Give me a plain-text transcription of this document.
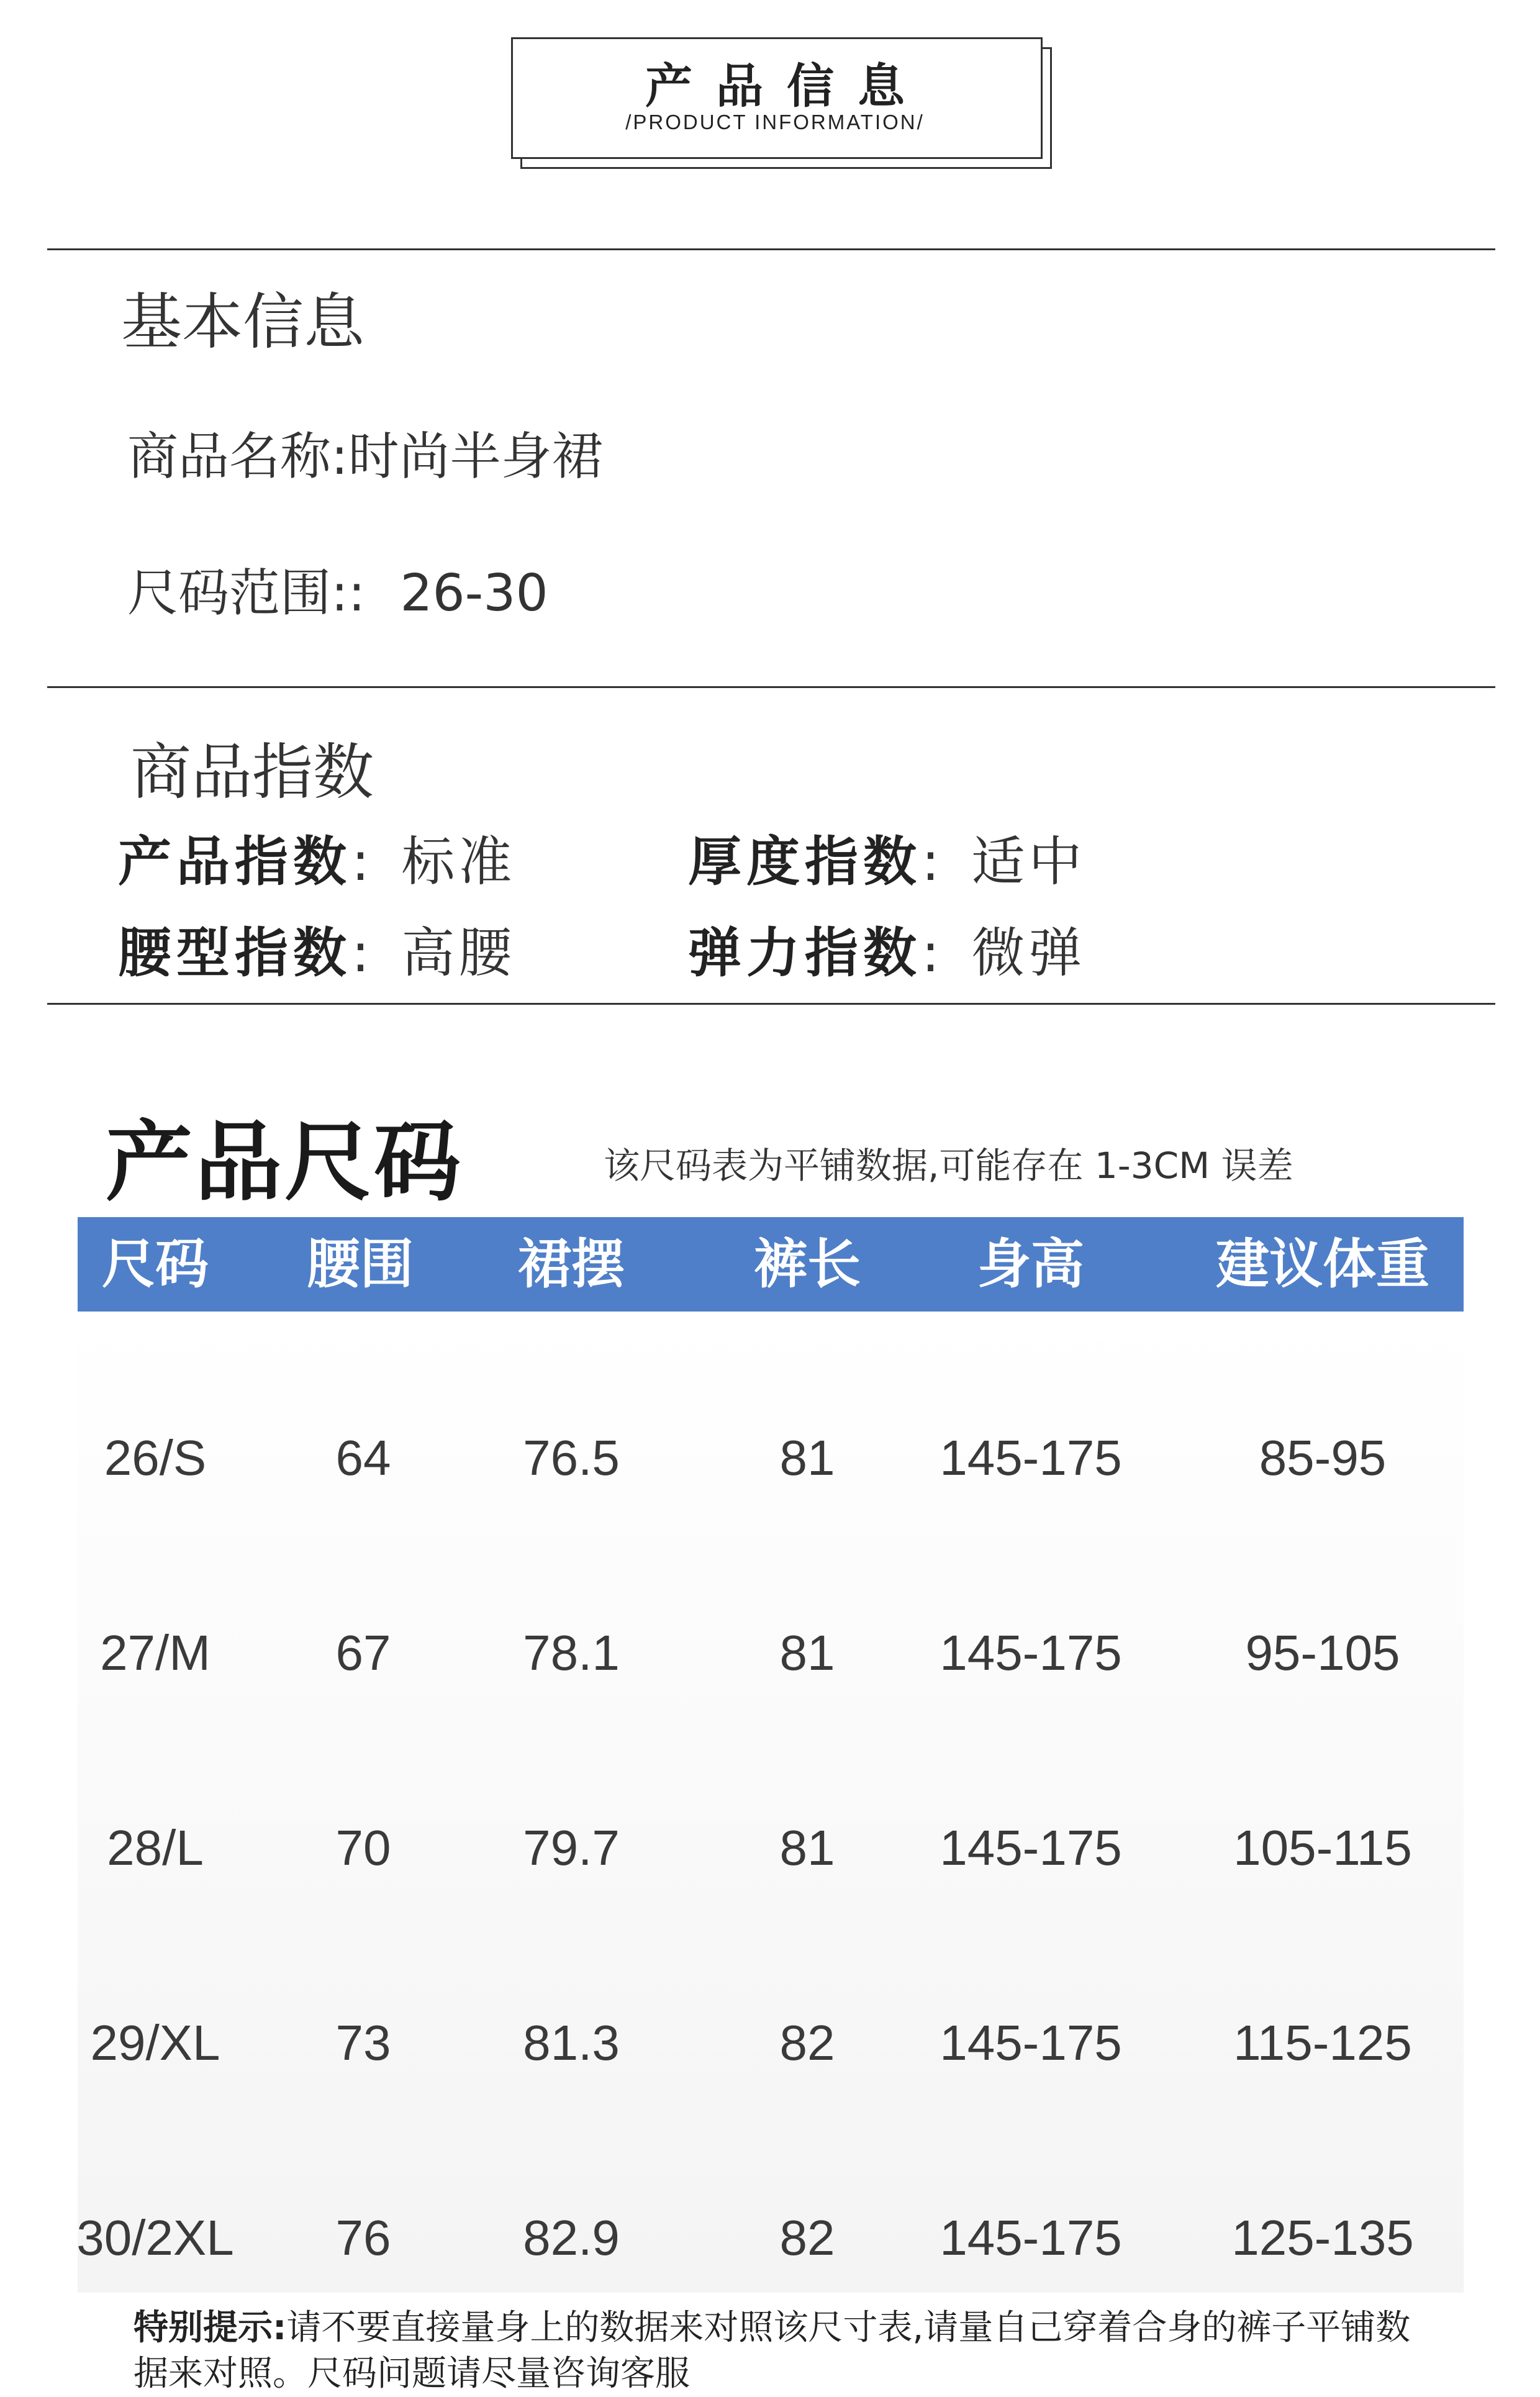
产品信息
/PRODUCT INFORMATION/
基本信息
商品名称:时尚半身裙
尺码范围:: 26-30
商品指数
产品指数: 标准	厚度指数: 适中
腰型指数: 高腰	弹力指数: 微弹
产品尺码	该尺码表为平铺数据,可能存在 1-3CM 误差
尺码	腰围	裙摆	裤长	身高	建议体重
26/S	64	76.5	81	145-175	85-95
27/M	67	78.1	81	145-175	95-105
28/L	70	79.7	81	145-175	105-115
29/XL	73	81.3	82	145-175	115-125
30/2XL	76	82.9	82	145-175	125-135
特别提示:请不要直接量身上的数据来对照该尺寸表,请量自己穿着合身的裤子平铺数据来对照。尺码问题请尽量咨询客服
